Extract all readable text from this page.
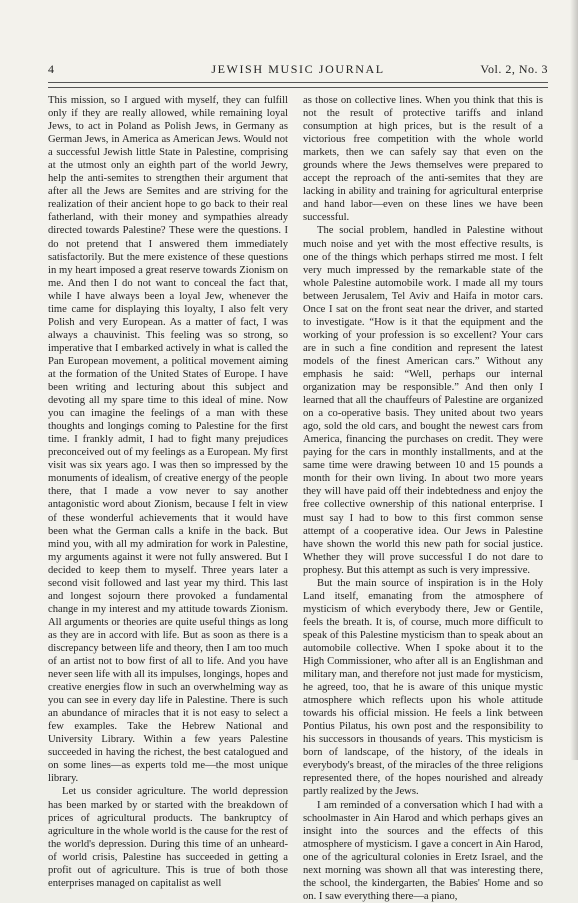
4	JEWISH MUSIC JOURNAL	Vol. 2, No. 3

This mission, so I argued with myself, they can fulfill only if they are really allowed, while remaining loyal Jews, to act in Poland as Polish Jews, in Germany as German Jews, in America as American Jews. Would not a successful Jewish little State in Palestine, comprising at the utmost only an eighth part of the world Jewry, help the anti-semites to strengthen their argument that after all the Jews are Semites and are striving for the realization of their ancient hope to go back to their real fatherland, with their money and sympathies already directed towards Palestine? These were the questions. I do not pretend that I answered them immediately satisfactorily. But the mere existence of these questions in my heart imposed a great reserve towards Zionism on me. And then I do not want to conceal the fact that, while I have always been a loyal Jew, whenever the time came for displaying this loyalty, I also felt very Polish and very European. As a matter of fact, I was always a chauvinist. This feeling was so strong, so imperative that I embarked actively in what is called the Pan European movement, a political movement aiming at the formation of the United States of Europe. I have been writing and lecturing about this subject and devoting all my spare time to this ideal of mine. Now you can imagine the feelings of a man with these thoughts and longings coming to Palestine for the first time. I frankly admit, I had to fight many prejudices preconceived out of my feelings as a European. My first visit was six years ago. I was then so impressed by the monuments of idealism, of creative energy of the people there, that I made a vow never to say another antagonistic word about Zionism, because I felt in view of these wonderful achievements that it would have been what the German calls a knife in the back. But mind you, with all my admiration for work in Palestine, my arguments against it were not fully answered. But I decided to keep them to myself. Three years later a second visit followed and last year my third. This last and longest sojourn there provoked a fundamental change in my interest and my attitude towards Zionism. All arguments or theories are quite useful things as long as they are in accord with life. But as soon as there is a discrepancy between life and theory, then I am too much of an artist not to bow first of all to life. And you have never seen life with all its impulses, longings, hopes and creative energies flow in such an overwhelming way as you can see in every day life in Palestine. There is such an abundance of miracles that it is not easy to select a few examples. Take the Hebrew National and University Library. Within a few years Palestine succeeded in having the richest, the best catalogued and on some lines—as experts told me—the most unique library.

Let us consider agriculture. The world depression has been marked by or started with the breakdown of prices of agricultural products. The bankruptcy of agriculture in the whole world is the cause for the rest of the world's depression. During this time of an unheard-of world crisis, Palestine has succeeded in getting a profit out of agriculture. This is true of both those enterprises managed on capitalist as well

as those on collective lines. When you think that this is not the result of protective tariffs and inland consumption at high prices, but is the result of a victorious free competition with the whole world markets, then we can safely say that even on the grounds where the Jews themselves were prepared to accept the reproach of the anti-semites that they are lacking in ability and training for agricultural enterprise and hand labor—even on these lines we have been successful.

The social problem, handled in Palestine without much noise and yet with the most effective results, is one of the things which perhaps stirred me most. I felt very much impressed by the remarkable state of the whole Palestine automobile work. I made all my tours between Jerusalem, Tel Aviv and Haifa in motor cars. Once I sat on the front seat near the driver, and started to investigate. “How is it that the equipment and the working of your profession is so excellent? Your cars are in such a fine condition and represent the latest models of the finest American cars.” Without any emphasis he said: “Well, perhaps our internal organization may be responsible.” And then only I learned that all the chauffeurs of Palestine are organized on a co-operative basis. They united about two years ago, sold the old cars, and bought the newest cars from America, financing the purchases on credit. They were paying for the cars in monthly installments, and at the same time were drawing between 10 and 15 pounds a month for their own living. In about two more years they will have paid off their indebtedness and enjoy the free collective ownership of this national enterprise. I must say I had to bow to this first common sense attempt of a cooperative idea. Our Jews in Palestine have shown the world this new path for social justice. Whether they will prove successful I do not dare to prophesy. But this attempt as such is very impressive.

But the main source of inspiration is in the Holy Land itself, emanating from the atmosphere of mysticism of which everybody there, Jew or Gentile, feels the breath. It is, of course, much more difficult to speak of this Palestine mysticism than to speak about an automobile collective. When I spoke about it to the High Commissioner, who after all is an Englishman and military man, and therefore not just made for mysticism, he agreed, too, that he is aware of this unique mystic atmosphere which reflects upon his whole attitude towards his official mission. He feels a link between Pontius Pilatus, his own post and the responsibility to his successors in thousands of years. This mysticism is born of landscape, of the history, of the ideals in everybody's breast, of the miracles of the three religions represented there, of the hopes nourished and already partly realized by the Jews.

I am reminded of a conversation which I had with a schoolmaster in Ain Harod and which perhaps gives an insight into the sources and the effects of this atmosphere of mysticism. I gave a concert in Ain Harod, one of the agricultural colonies in Eretz Israel, and the next morning was shown all that was interesting there, the school, the kindergarten, the Babies' Home and so on. I saw everything there—a piano,
